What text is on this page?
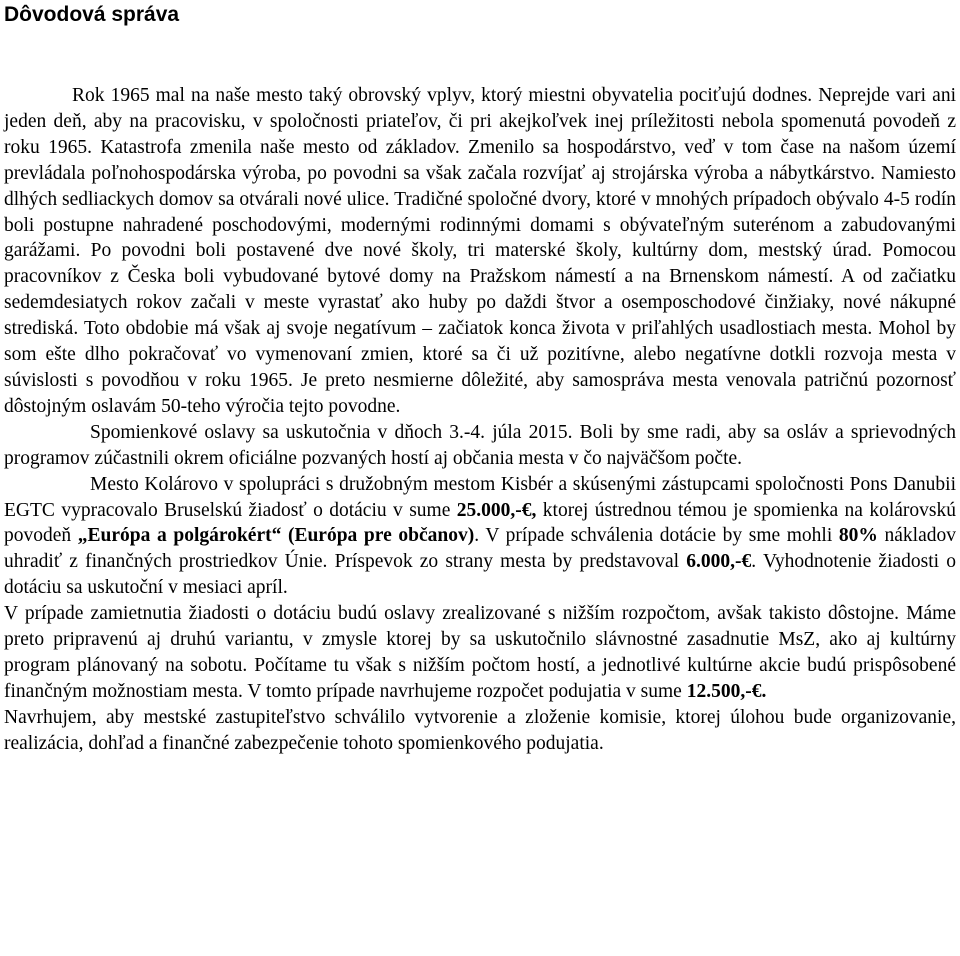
Dôvodová správa

Rok 1965 mal na naše mesto taký obrovský vplyv, ktorý miestni obyvatelia pociťujú dodnes. Neprejde vari ani jeden deň, aby na pracovisku, v spoločnosti priateľov, či pri akejkoľvek inej príležitosti nebola spomenutá povodeň z roku 1965. Katastrofa zmenila naše mesto od základov. Zmenilo sa hospodárstvo, veď v tom čase na našom území prevládala poľnohospodárska výroba, po povodni sa však začala rozvíjať aj strojárska výroba a nábytkárstvo. Namiesto dlhých sedliackych domov sa otvárali nové ulice. Tradičné spoločné dvory, ktoré v mnohých prípadoch obývalo 4-5 rodín boli postupne nahradené poschodovými, modernými rodinnými domami s obývateľným suterénom a zabudovanými garážami. Po povodni boli postavené dve nové školy, tri materské školy, kultúrny dom, mestský úrad. Pomocou pracovníkov z Česka boli vybudované bytové domy na Pražskom námestí a na Brnenskom námestí. A od začiatku sedemdesiatych rokov začali v meste vyrastať ako huby po daždi štvor a osemposchodové činžiaky, nové nákupné strediská. Toto obdobie má však aj svoje negatívum – začiatok konca života v priľahlých usadlostiach mesta. Mohol by som ešte dlho pokračovať vo vymenovaní zmien, ktoré sa či už pozitívne, alebo negatívne dotkli rozvoja mesta v súvislosti s povodňou v roku 1965. Je preto nesmierne dôležité, aby samospráva mesta venovala patričnú pozornosť dôstojným oslavám 50-teho výročia tejto povodne.

Spomienkové oslavy sa uskutočnia v dňoch 3.-4. júla 2015. Boli by sme radi, aby sa osláv a sprievodných programov zúčastnili okrem oficiálne pozvaných hostí aj občania mesta v čo najväčšom počte.

Mesto Kolárovo v spolupráci s družobným mestom Kisbér a skúsenými zástupcami spoločnosti Pons Danubii EGTC vypracovalo Bruselskú žiadosť o dotáciu v sume 25.000,-€, ktorej ústrednou témou je spomienka na kolárovskú povodeň „Európa a polgárokért“ (Európa pre občanov). V prípade schválenia dotácie by sme mohli 80% nákladov uhradiť z finančných prostriedkov Únie. Príspevok zo strany mesta by predstavoval 6.000,-€. Vyhodnotenie žiadosti o dotáciu sa uskutoční v mesiaci apríl.

V prípade zamietnutia žiadosti o dotáciu budú oslavy zrealizované s nižším rozpočtom, avšak takisto dôstojne. Máme preto pripravenú aj druhú variantu, v zmysle ktorej by sa uskutočnilo slávnostné zasadnutie MsZ, ako aj kultúrny program plánovaný na sobotu. Počítame tu však s nižším počtom hostí, a jednotlivé kultúrne akcie budú prispôsobené finančným možnostiam mesta. V tomto prípade navrhujeme rozpočet podujatia v sume 12.500,-€.

Navrhujem, aby mestské zastupiteľstvo schválilo vytvorenie a zloženie komisie, ktorej úlohou bude organizovanie, realizácia, dohľad a finančné zabezpečenie tohoto spomienkového podujatia.
